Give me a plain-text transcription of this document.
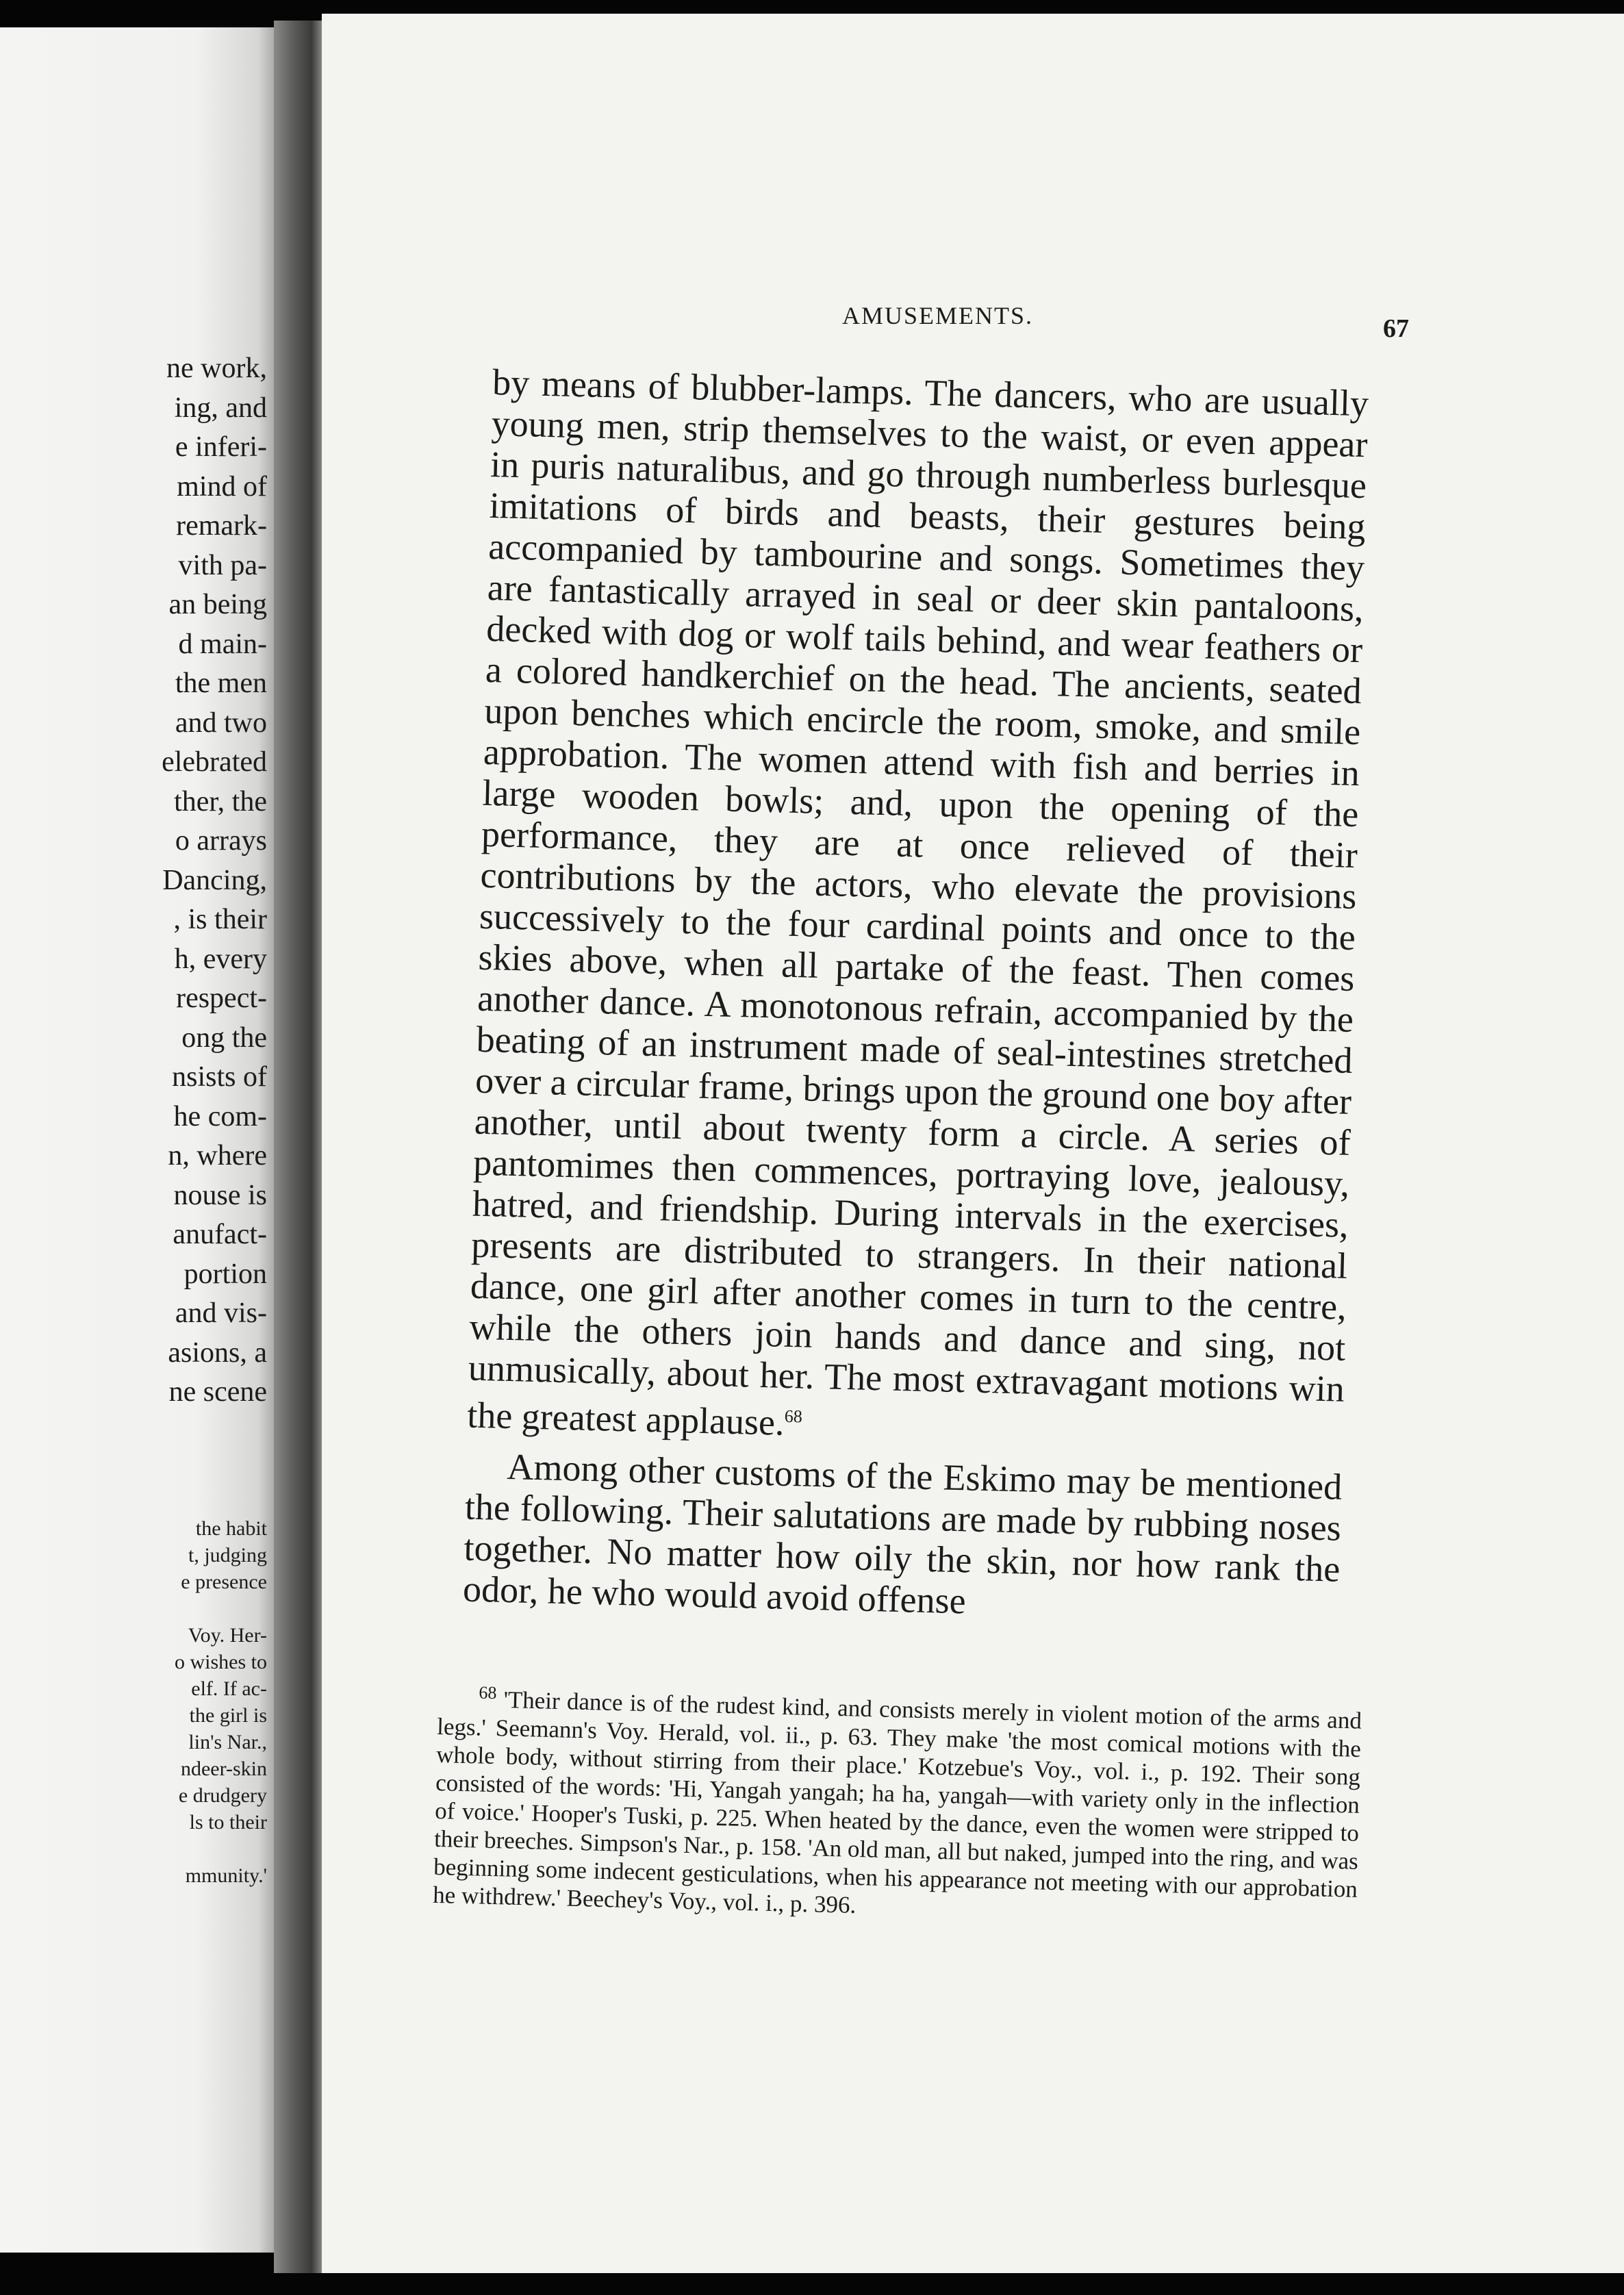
ne work,
ing, and
e inferi-
mind of
remark-
vith pa-
an being
d main-
the men
and two
elebrated
ther, the
o arrays
Dancing,
, is their
h, every
respect-
ong the
nsists of
he com-
n, where
nouse is
anufact-
portion
and vis-
asions, a
ne scene
the habit
t, judging
e presence
Voy. Her-
o wishes to
elf. If ac-
the girl is
lin's Nar.,
ndeer-skin
e drudgery
ls to their
mmunity.'
AMUSEMENTS.	67

by means of blubber-lamps. The dancers, who are usually young men, strip themselves to the waist, or even appear in puris naturalibus, and go through numberless burlesque imitations of birds and beasts, their gestures being accompanied by tambourine and songs. Sometimes they are fantastically arrayed in seal or deer skin pantaloons, decked with dog or wolf tails behind, and wear feathers or a colored handkerchief on the head. The ancients, seated upon benches which encircle the room, smoke, and smile approbation. The women attend with fish and berries in large wooden bowls; and, upon the opening of the performance, they are at once relieved of their contributions by the actors, who elevate the provisions successively to the four cardinal points and once to the skies above, when all partake of the feast. Then comes another dance. A monotonous refrain, accompanied by the beating of an instrument made of seal-intestines stretched over a circular frame, brings upon the ground one boy after another, until about twenty form a circle. A series of pantomimes then commences, portraying love, jealousy, hatred, and friendship. During intervals in the exercises, presents are distributed to strangers. In their national dance, one girl after another comes in turn to the centre, while the others join hands and dance and sing, not unmusically, about her. The most extravagant motions win the greatest applause.$^{68}$

Among other customs of the Eskimo may be mentioned the following. Their salutations are made by rubbing noses together. No matter how oily the skin, nor how rank the odor, he who would avoid offense

$^{68}$ 'Their dance is of the rudest kind, and consists merely in violent motion of the arms and legs.' Seemann's Voy. Herald, vol. ii., p. 63. They make 'the most comical motions with the whole body, without stirring from their place.' Kotzebue's Voy., vol. i., p. 192. Their song consisted of the words: 'Hi, Yangah yangah; ha ha, yangah—with variety only in the inflection of voice.' Hooper's Tuski, p. 225. When heated by the dance, even the women were stripped to their breeches. Simpson's Nar., p. 158. 'An old man, all but naked, jumped into the ring, and was beginning some indecent gesticulations, when his appearance not meeting with our approbation he withdrew.' Beechey's Voy., vol. i., p. 396.
